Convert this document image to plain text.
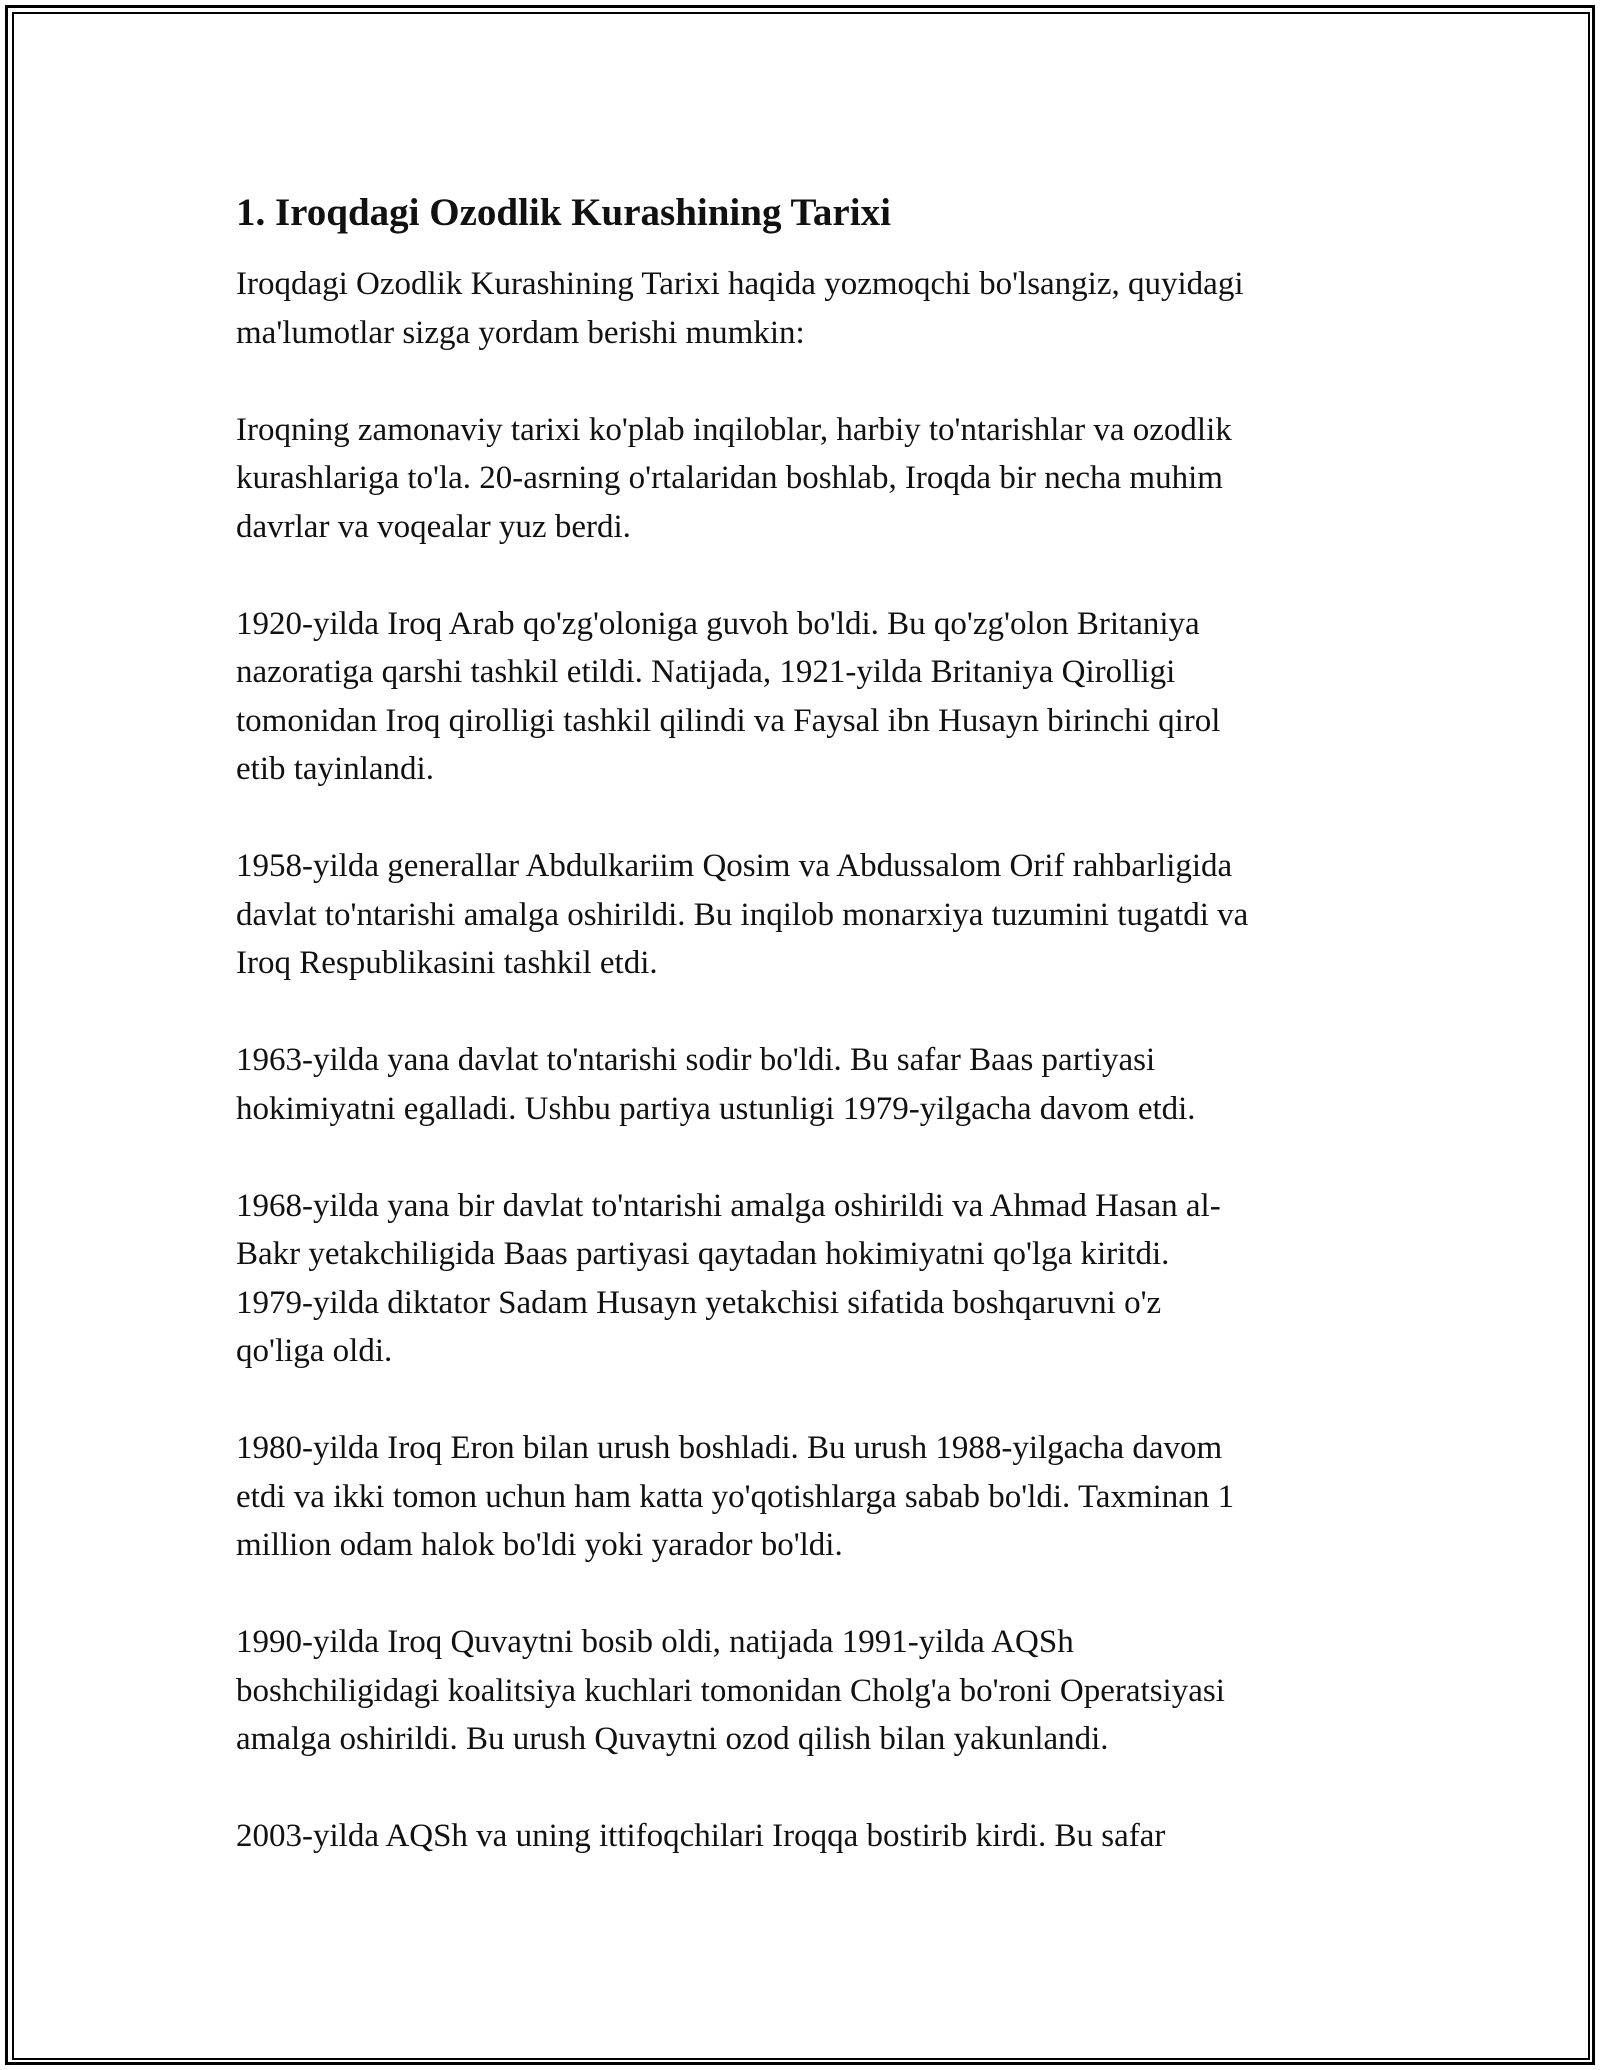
1. Iroqdagi Ozodlik Kurashining Tarixi

Iroqdagi Ozodlik Kurashining Tarixi haqida yozmoqchi bo'lsangiz, quyidagi
ma'lumotlar sizga yordam berishi mumkin:

Iroqning zamonaviy tarixi ko'plab inqiloblar, harbiy to'ntarishlar va ozodlik
kurashlariga to'la. 20-asrning o'rtalaridan boshlab, Iroqda bir necha muhim
davrlar va voqealar yuz berdi.

1920-yilda Iroq Arab qo'zg'oloniga guvoh bo'ldi. Bu qo'zg'olon Britaniya
nazoratiga qarshi tashkil etildi. Natijada, 1921-yilda Britaniya Qirolligi
tomonidan Iroq qirolligi tashkil qilindi va Faysal ibn Husayn birinchi qirol
etib tayinlandi.

1958-yilda generallar Abdulkariim Qosim va Abdussalom Orif rahbarligida
davlat to'ntarishi amalga oshirildi. Bu inqilob monarxiya tuzumini tugatdi va
Iroq Respublikasini tashkil etdi.

1963-yilda yana davlat to'ntarishi sodir bo'ldi. Bu safar Baas partiyasi
hokimiyatni egalladi. Ushbu partiya ustunligi 1979-yilgacha davom etdi.

1968-yilda yana bir davlat to'ntarishi amalga oshirildi va Ahmad Hasan al-
Bakr yetakchiligida Baas partiyasi qaytadan hokimiyatni qo'lga kiritdi.
1979-yilda diktator Sadam Husayn yetakchisi sifatida boshqaruvni o'z
qo'liga oldi.

1980-yilda Iroq Eron bilan urush boshladi. Bu urush 1988-yilgacha davom
etdi va ikki tomon uchun ham katta yo'qotishlarga sabab bo'ldi. Taxminan 1
million odam halok bo'ldi yoki yarador bo'ldi.

1990-yilda Iroq Quvaytni bosib oldi, natijada 1991-yilda AQSh
boshchiligidagi koalitsiya kuchlari tomonidan Cholg'a bo'roni Operatsiyasi
amalga oshirildi. Bu urush Quvaytni ozod qilish bilan yakunlandi.

2003-yilda AQSh va uning ittifoqchilari Iroqqa bostirib kirdi. Bu safar
